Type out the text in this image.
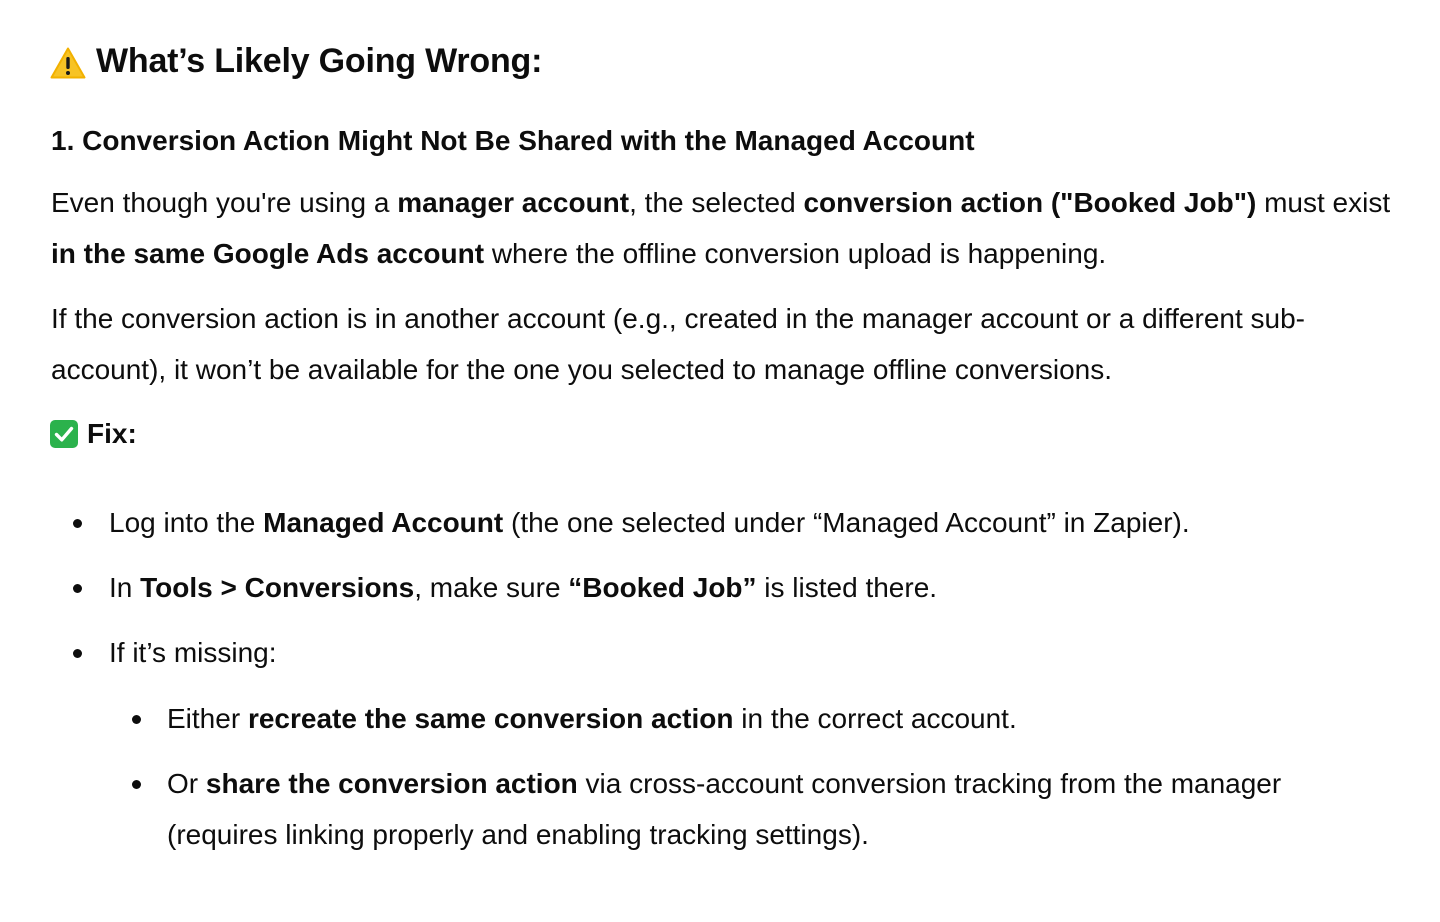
What’s Likely Going Wrong:
1. Conversion Action Might Not Be Shared with the Managed Account

Even though you're using a manager account, the selected conversion action ("Booked Job") must exist in the same Google Ads account where the offline conversion upload is happening.

If the conversion action is in another account (e.g., created in the manager account or a different sub-account), it won’t be available for the one you selected to manage offline conversions.

Fix:
Log into the Managed Account (the one selected under “Managed Account” in Zapier).
In Tools > Conversions, make sure “Booked Job” is listed there.
If it’s missing:
Either recreate the same conversion action in the correct account.
Or share the conversion action via cross-account conversion tracking from the manager (requires linking properly and enabling tracking settings).
